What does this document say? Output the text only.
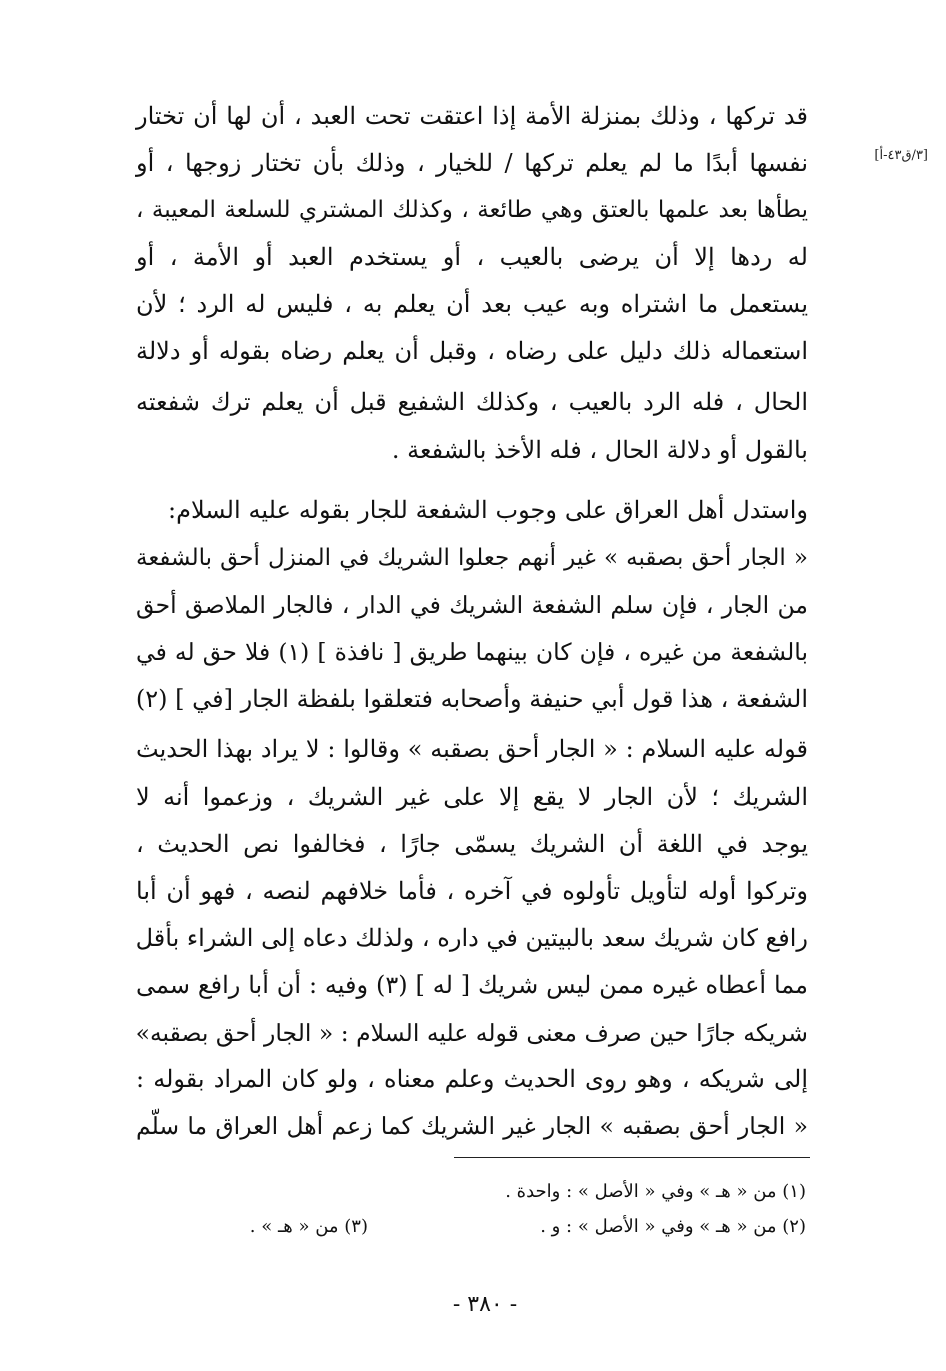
[٣/ق٤٣-أ]
قد تركها ، وذلك بمنزلة الأمة إذا اعتقت تحت العبد ، أن لها أن تختار
نفسها أبدًا ما لم يعلم تركها / للخيار ، وذلك بأن تختار زوجها ، أو
يطأها بعد علمها بالعتق وهي طائعة ، وكذلك المشتري للسلعة المعيبة ،
له ردها إلا أن يرضى بالعيب ، أو يستخدم العبد أو الأمة ، أو
يستعمل ما اشتراه وبه عيب بعد أن يعلم به ، فليس له الرد ؛ لأن
استعماله ذلك دليل على رضاه ، وقبل أن يعلم رضاه بقوله أو دلالة
الحال ، فله الرد بالعيب ، وكذلك الشفيع قبل أن يعلم ترك شفعته
بالقول أو دلالة الحال ، فله الأخذ بالشفعة .
واستدل أهل العراق على وجوب الشفعة للجار بقوله عليه السلام:
« الجار أحق بصقبه » غير أنهم جعلوا الشريك في المنزل أحق بالشفعة
من الجار ، فإن سلم الشفعة الشريك في الدار ، فالجار الملاصق أحق
بالشفعة من غيره ، فإن كان بينهما طريق [ نافذة ] (١) فلا حق له في
الشفعة ، هذا قول أبي حنيفة وأصحابه فتعلقوا بلفظة الجار [في ] (٢)
قوله عليه السلام : « الجار أحق بصقبه » وقالوا : لا يراد بهذا الحديث
الشريك ؛ لأن الجار لا يقع إلا على غير الشريك ، وزعموا أنه لا
يوجد في اللغة أن الشريك يسمّى جارًا ، فخالفوا نص الحديث ،
وتركوا أوله لتأويل تأولوه في آخره ، فأما خلافهم لنصه ، فهو أن أبا
رافع كان شريك سعد بالبيتين في داره ، ولذلك دعاه إلى الشراء بأقل
مما أعطاه غيره ممن ليس شريك [ له ] (٣) وفيه : أن أبا رافع سمى
شريكه جارًا حين صرف معنى قوله عليه السلام : « الجار أحق بصقبه»
إلى شريكه ، وهو روى الحديث وعلم معناه ، ولو كان المراد بقوله :
« الجار أحق بصقبه » الجار غير الشريك كما زعم أهل العراق ما سلّم
(١) من « هـ » وفي « الأصل » : واحدة .
(٢) من « هـ » وفي « الأصل » : و .
(٣) من « هـ » .
- ٣٨٠ -
